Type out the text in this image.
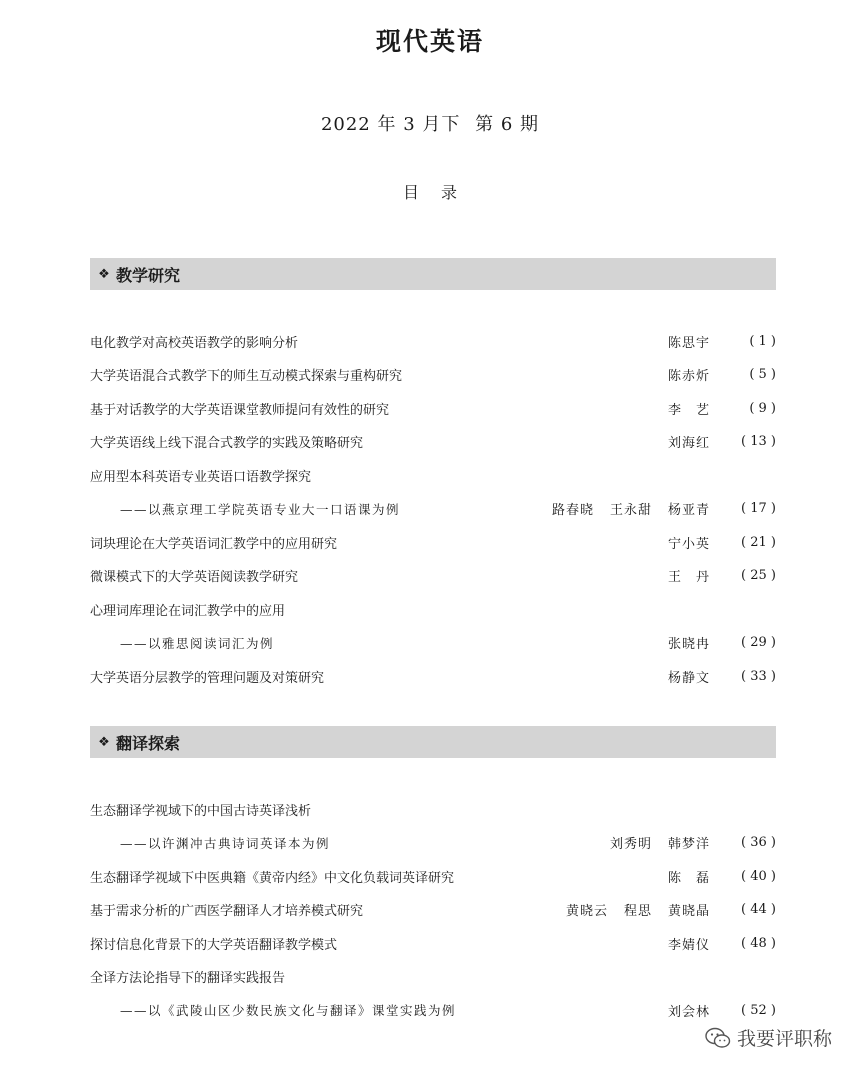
现代英语
2022 年 3 月下 第 6 期
目录
❖ 教学研究
电化教学对高校英语教学的影响分析	陈思宇	( 1 )
大学英语混合式教学下的师生互动模式探索与重构研究	陈赤炘	( 5 )
基于对话教学的大学英语课堂教师提问有效性的研究	李　艺	( 9 )
大学英语线上线下混合式教学的实践及策略研究	刘海红	( 13 )
应用型本科英语专业英语口语教学探究
——以燕京理工学院英语专业大一口语课为例	路春晓 王永甜 杨亚青	( 17 )
词块理论在大学英语词汇教学中的应用研究	宁小英	( 21 )
微课模式下的大学英语阅读教学研究	王　丹	( 25 )
心理词库理论在词汇教学中的应用
——以雅思阅读词汇为例	张晓冉	( 29 )
大学英语分层教学的管理问题及对策研究	杨静文	( 33 )
❖ 翻译探索
生态翻译学视域下的中国古诗英译浅析
——以许渊冲古典诗词英译本为例	刘秀明 韩梦洋	( 36 )
生态翻译学视域下中医典籍《黄帝内经》中文化负载词英译研究	陈　磊	( 40 )
基于需求分析的广西医学翻译人才培养模式研究	黄晓云 程思 黄晓晶	( 44 )
探讨信息化背景下的大学英语翻译教学模式	李婧仪	( 48 )
全译方法论指导下的翻译实践报告
——以《武陵山区少数民族文化与翻译》课堂实践为例	刘会林	( 52 )
我要评职称
